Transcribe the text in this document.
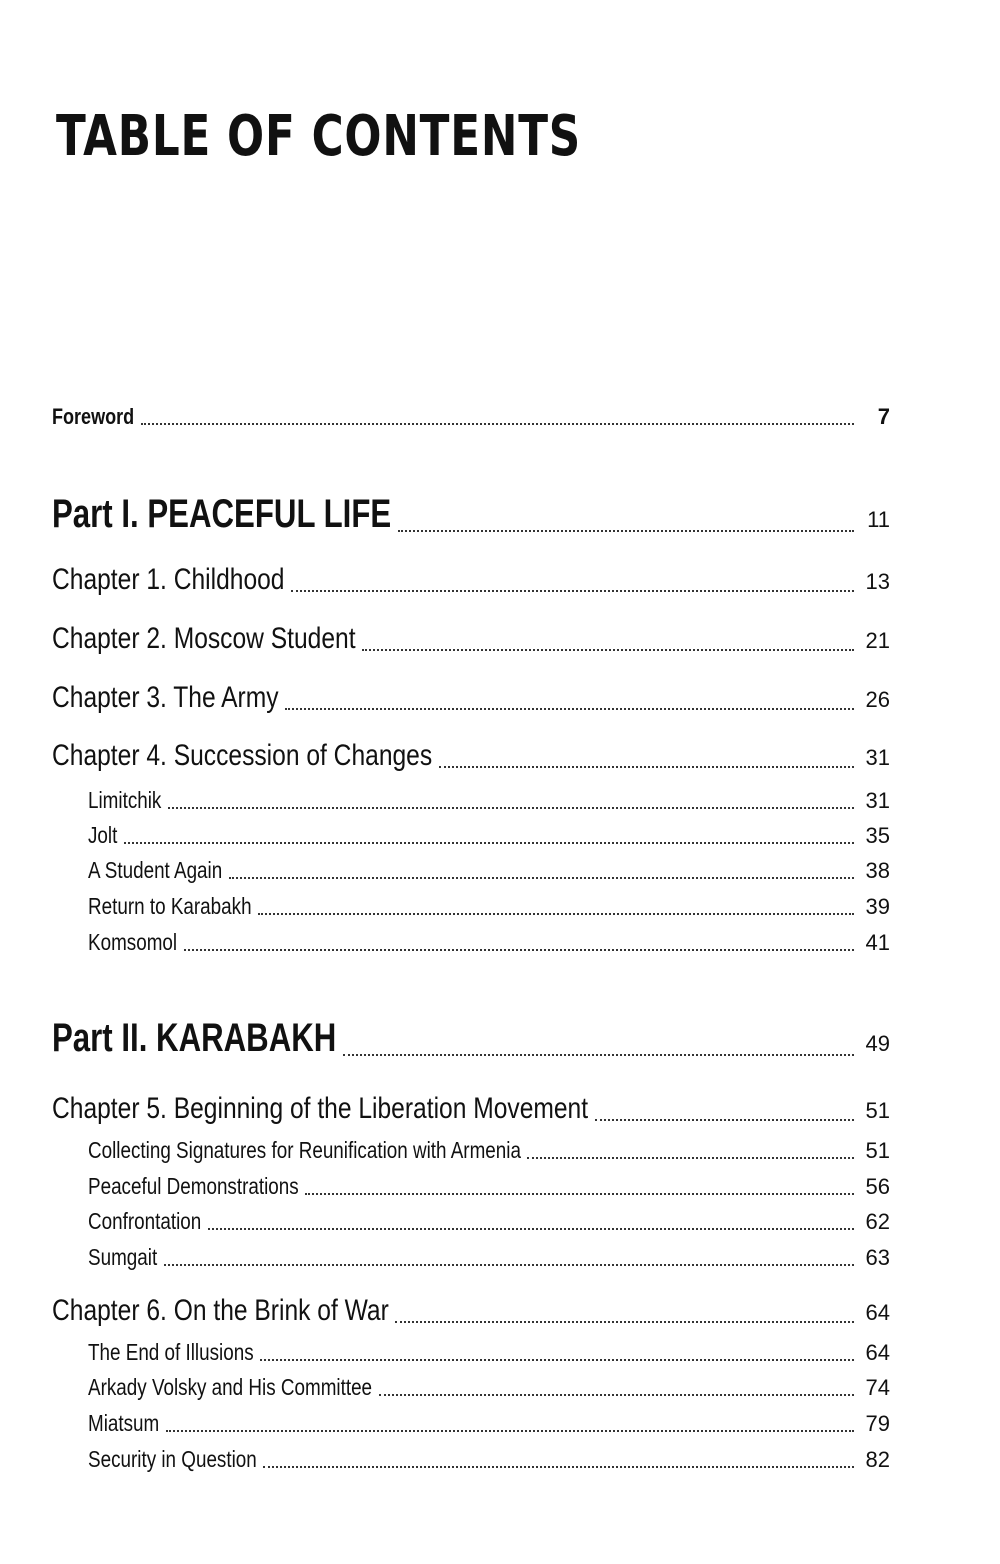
TABLE OF CONTENTS
Foreword	7
Part I. PEACEFUL LIFE	11
Chapter 1. Childhood	13
Chapter 2. Moscow Student	21
Chapter 3. The Army	26
Chapter 4. Succession of Changes	31
Limitchik	31
Jolt	35
A Student Again	38
Return to Karabakh	39
Komsomol	41
Part II. KARABAKH	49
Chapter 5. Beginning of the Liberation Movement	51
Collecting Signatures for Reunification with Armenia	51
Peaceful Demonstrations	56
Confrontation	62
Sumgait	63
Chapter 6. On the Brink of War	64
The End of Illusions	64
Arkady Volsky and His Committee	74
Miatsum	79
Security in Question	82
